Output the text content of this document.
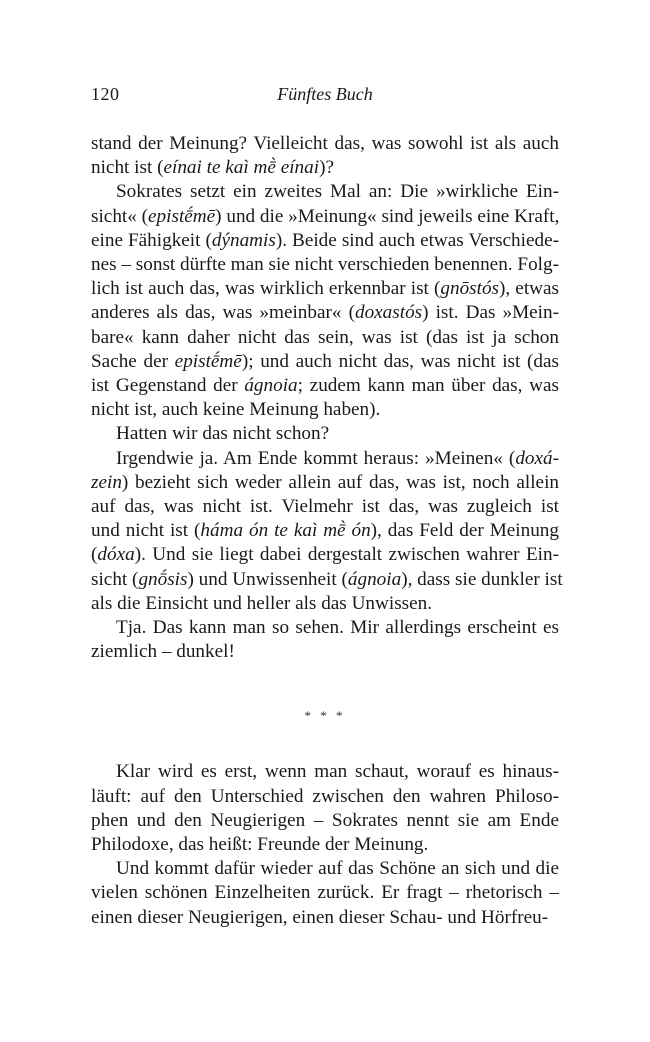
120	Fünftes Buch

stand der Meinung? Vielleicht das, was sowohl ist als auch
nicht ist (eínai te kaì mḕ eínai)?

Sokrates setzt ein zweites Mal an: Die »wirkliche Ein-
sicht« (epistḗmē) und die »Meinung« sind jeweils eine Kraft,
eine Fähigkeit (dýnamis). Beide sind auch etwas Verschiede-
nes – sonst dürfte man sie nicht verschieden benennen. Folg-
lich ist auch das, was wirklich erkennbar ist (gnōstós), etwas
anderes als das, was »meinbar« (doxastós) ist. Das »Mein-
bare« kann daher nicht das sein, was ist (das ist ja schon
Sache der epistḗmē); und auch nicht das, was nicht ist (das
ist Gegenstand der ágnoia; zudem kann man über das, was
nicht ist, auch keine Meinung haben).

Hatten wir das nicht schon?

Irgendwie ja. Am Ende kommt heraus: »Meinen« (doxá-
zein) bezieht sich weder allein auf das, was ist, noch allein
auf das, was nicht ist. Vielmehr ist das, was zugleich ist
und nicht ist (háma ón te kaì mḕ ón), das Feld der Meinung
(dóxa). Und sie liegt dabei dergestalt zwischen wahrer Ein-
sicht (gnṓsis) und Unwissenheit (ágnoia), dass sie dunkler ist
als die Einsicht und heller als das Unwissen.

Tja. Das kann man so sehen. Mir allerdings erscheint es
ziemlich – dunkel!

* * *

Klar wird es erst, wenn man schaut, worauf es hinaus-
läuft: auf den Unterschied zwischen den wahren Philoso-
phen und den Neugierigen – Sokrates nennt sie am Ende
Philodoxe, das heißt: Freunde der Meinung.

Und kommt dafür wieder auf das Schöne an sich und die
vielen schönen Einzelheiten zurück. Er fragt – rhetorisch –
einen dieser Neugierigen, einen dieser Schau- und Hörfreu-
